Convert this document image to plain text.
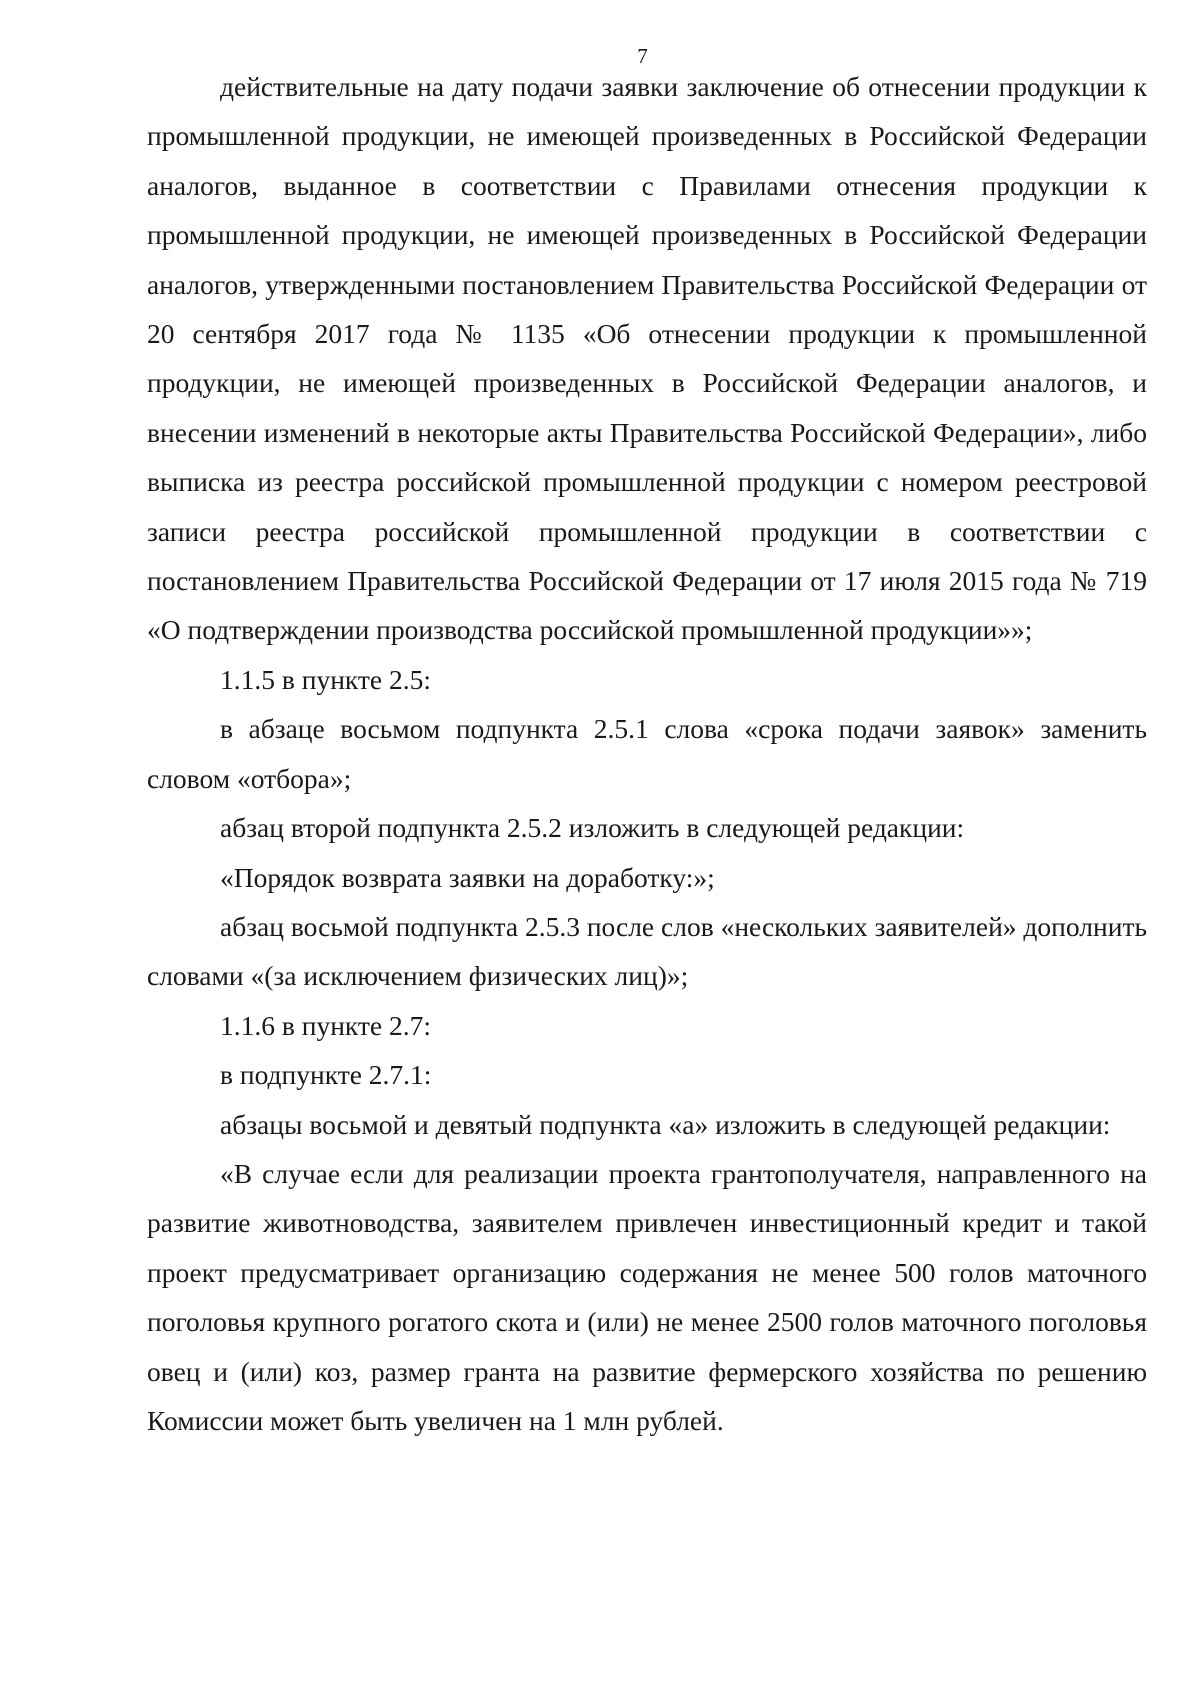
7

действительные на дату подачи заявки заключение об отнесении продукции к промышленной продукции, не имеющей произведенных в Российской Федерации аналогов, выданное в соответствии с Правилами отнесения продукции к промышленной продукции, не имеющей произведенных в Российской Федерации аналогов, утвержденными постановлением Правительства Российской Федерации от 20 сентября 2017 года № 1135 «Об отнесении продукции к промышленной продукции, не имеющей произведенных в Российской Федерации аналогов, и внесении изменений в некоторые акты Правительства Российской Федерации», либо выписка из реестра российской промышленной продукции с номером реестровой записи реестра российской промышленной продукции в соответствии с постановлением Правительства Российской Федерации от 17 июля 2015 года № 719 «О подтверждении производства российской промышленной продукции»»;

1.1.5 в пункте 2.5:

в абзаце восьмом подпункта 2.5.1 слова «срока подачи заявок» заменить словом «отбора»;

абзац второй подпункта 2.5.2 изложить в следующей редакции:

«Порядок возврата заявки на доработку:»;

абзац восьмой подпункта 2.5.3 после слов «нескольких заявителей» дополнить словами «(за исключением физических лиц)»;

1.1.6 в пункте 2.7:

в подпункте 2.7.1:

абзацы восьмой и девятый подпункта «а» изложить в следующей редакции:

«В случае если для реализации проекта грантополучателя, направленного на развитие животноводства, заявителем привлечен инвестиционный кредит и такой проект предусматривает организацию содержания не менее 500 голов маточного поголовья крупного рогатого скота и (или) не менее 2500 голов маточного поголовья овец и (или) коз, размер гранта на развитие фермерского хозяйства по решению Комиссии может быть увеличен на 1 млн рублей.
